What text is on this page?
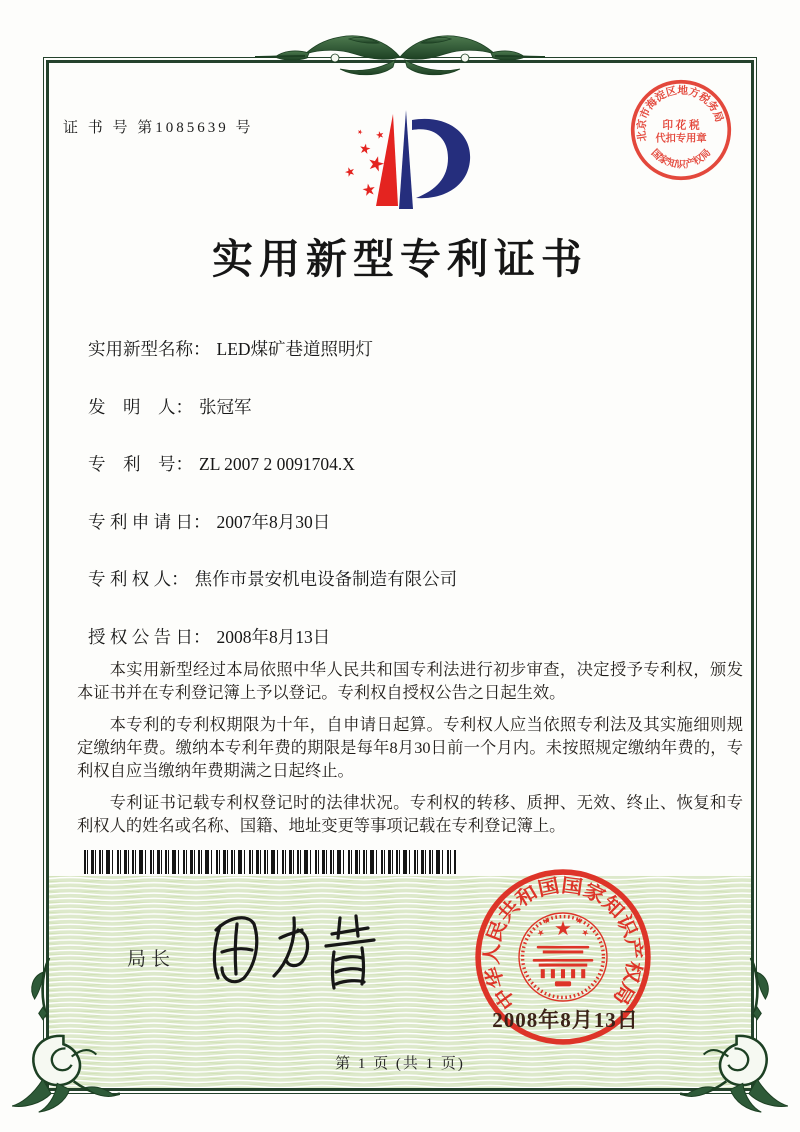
证 书 号 第1085639 号	北京市海淀区地方税务局
印 花 税
代扣专用章
国家知识产权局
实用新型专利证书
实用新型名称： LED煤矿巷道照明灯
发　明　人： 张冠军
专　利　号： ZL 2007 2 0091704.X
专 利 申 请 日： 2007年8月30日
专 利 权 人： 焦作市景安机电设备制造有限公司
授 权 公 告 日： 2008年8月13日

本实用新型经过本局依照中华人民共和国专利法进行初步审查，决定授予专利权，颁发本证书并在专利登记簿上予以登记。专利权自授权公告之日起生效。

本专利的专利权期限为十年，自申请日起算。专利权人应当依照专利法及其实施细则规定缴纳年费。缴纳本专利年费的期限是每年8月30日前一个月内。未按照规定缴纳年费的，专利权自应当缴纳年费期满之日起终止。

专利证书记载专利权登记时的法律状况。专利权的转移、质押、无效、终止、恢复和专利权人的姓名或名称、国籍、地址变更等事项记载在专利登记簿上。

局长
中华人民共和国国家知识产权局
2008年8月13日
第 1 页 (共 1 页)
